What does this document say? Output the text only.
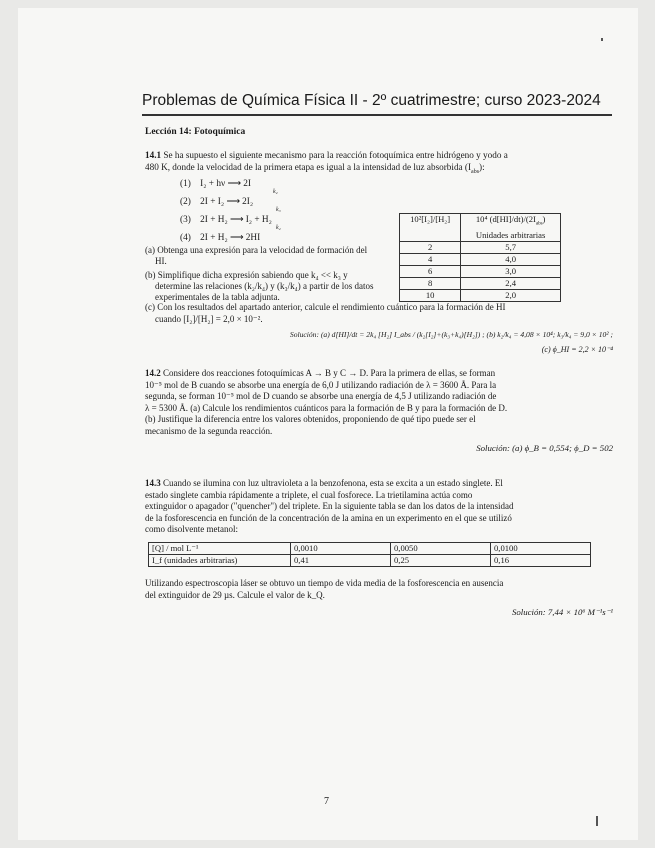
Problemas de Química Física II - 2º cuatrimestre; curso 2023-2024
Lección 14: Fotoquímica
14.1 Se ha supuesto el siguiente mecanismo para la reacción fotoquímica entre hidrógeno y yodo a
480 K, donde la velocidad de la primera etapa es igual a la intensidad de luz absorbida $(I_{abs})$:
(1) I₂ + hν ⟶ 2I
(2) 2I + I₂ ⟶ 2I₂
k₂
(3) 2I + H₂ ⟶ I₂ + H₂
k₃
(4) 2I + H₂ ⟶ 2HI
k₄
(a) Obtenga una expresión para la velocidad de formación del
HI.
(b) Simplifique dicha expresión sabiendo que k₄ << k₃ y
determine las relaciones (k₂/k₄) y (k₃/k₄) a partir de los datos
experimentales de la tabla adjunta.
10²[I₂]/[H₂]	10⁴ $(d[HI]/dt)/(2I_{abs})$
Unidades arbitrarias
2	5,7
4	4,0
6	3,0
8	2,4
10	2,0
(c) Con los resultados del apartado anterior, calcule el rendimiento cuántico para la formación de HI
cuando [I₂]/[H₂] = 2,0 × 10⁻².
Solución: (a) d[HI]/dt = 2k₄ [H₂] I_abs / (k₂[I₂]+(k₃+k₄)[H₂]) ; (b) k₂/k₄ = 4,08 × 10⁴; k₃/k₄ = 9,0 × 10² ;
(c) ϕ_HI = 2,2 × 10⁻⁴
14.2 Considere dos reacciones fotoquímicas A → B y C → D. Para la primera de ellas, se forman
10⁻⁵ mol de B cuando se absorbe una energía de 6,0 J utilizando radiación de λ = 3600 Å. Para la
segunda, se forman 10⁻⁵ mol de D cuando se absorbe una energía de 4,5 J utilizando radiación de
λ = 5300 Å. (a) Calcule los rendimientos cuánticos para la formación de B y para la formación de D.
(b) Justifique la diferencia entre los valores obtenidos, proponiendo de qué tipo puede ser el
mecanismo de la segunda reacción.
Solución: (a) ϕ_B = 0,554; ϕ_D = 502
14.3 Cuando se ilumina con luz ultravioleta a la benzofenona, esta se excita a un estado singlete. El
estado singlete cambia rápidamente a triplete, el cual fosforece. La trietilamina actúa como
extinguidor o apagador ("quencher") del triplete. En la siguiente tabla se dan los datos de la intensidad
de la fosforescencia en función de la concentración de la amina en un experimento en el que se utilizó
como disolvente metanol:
[Q] / mol L⁻¹	0,0010	0,0050	0,0100
I_f (unidades arbitrarias)	0,41	0,25	0,16
Utilizando espectroscopia láser se obtuvo un tiempo de vida media de la fosforescencia en ausencia
del extinguidor de 29 µs. Calcule el valor de k_Q.
Solución: 7,44 × 10⁶ M⁻¹s⁻¹
7
